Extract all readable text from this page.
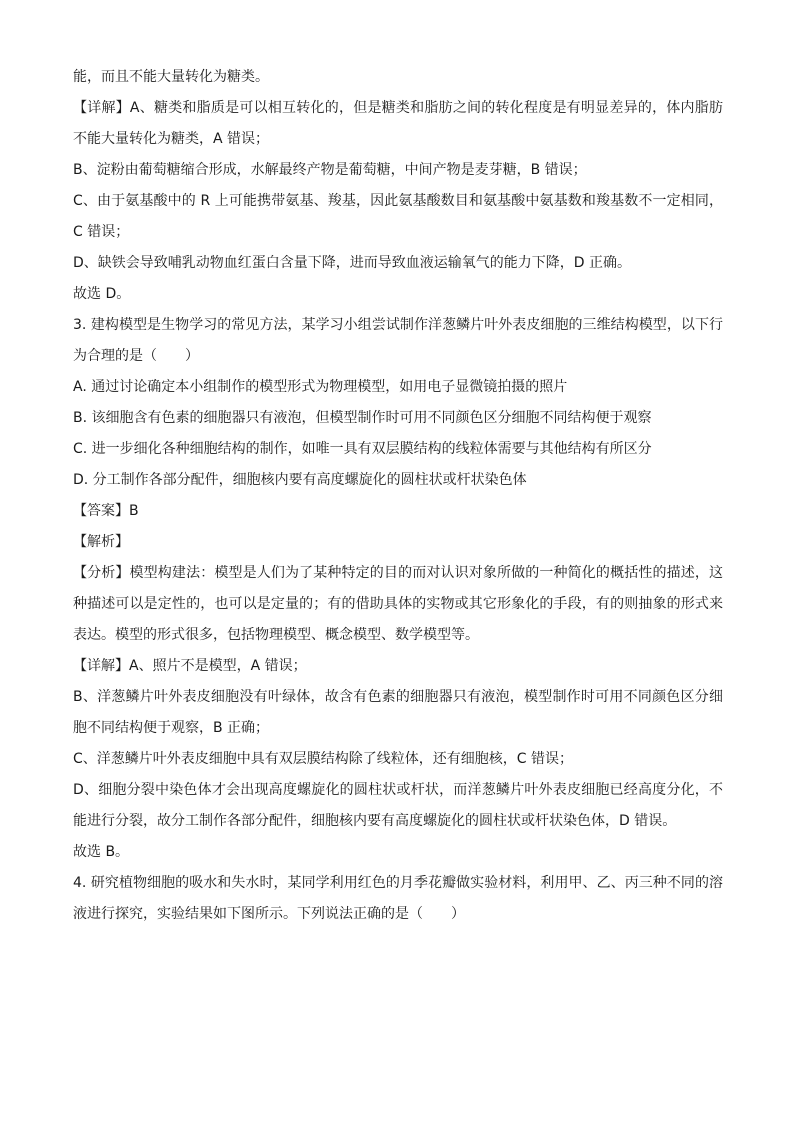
能，而且不能大量转化为糖类。
【详解】A、糖类和脂质是可以相互转化的，但是糖类和脂肪之间的转化程度是有明显差异的，体内脂肪
不能大量转化为糖类，A 错误；
B、淀粉由葡萄糖缩合形成，水解最终产物是葡萄糖，中间产物是麦芽糖，B 错误；
C、由于氨基酸中的 R 上可能携带氨基、羧基，因此氨基酸数目和氨基酸中氨基数和羧基数不一定相同，
C 错误；
D、缺铁会导致哺乳动物血红蛋白含量下降，进而导致血液运输氧气的能力下降，D 正确。
故选 D。
3. 建构模型是生物学习的常见方法，某学习小组尝试制作洋葱鳞片叶外表皮细胞的三维结构模型，以下行
为合理的是（　　）
A. 通过讨论确定本小组制作的模型形式为物理模型，如用电子显微镜拍摄的照片
B. 该细胞含有色素的细胞器只有液泡，但模型制作时可用不同颜色区分细胞不同结构便于观察
C. 进一步细化各种细胞结构的制作，如唯一具有双层膜结构的线粒体需要与其他结构有所区分
D. 分工制作各部分配件，细胞核内要有高度螺旋化的圆柱状或杆状染色体
【答案】B
【解析】
【分析】模型构建法：模型是人们为了某种特定的目的而对认识对象所做的一种简化的概括性的描述，这
种描述可以是定性的，也可以是定量的；有的借助具体的实物或其它形象化的手段，有的则抽象的形式来
表达。模型的形式很多，包括物理模型、概念模型、数学模型等。
【详解】A、照片不是模型，A 错误；
B、洋葱鳞片叶外表皮细胞没有叶绿体，故含有色素的细胞器只有液泡，模型制作时可用不同颜色区分细
胞不同结构便于观察，B 正确；
C、洋葱鳞片叶外表皮细胞中具有双层膜结构除了线粒体，还有细胞核，C 错误；
D、细胞分裂中染色体才会出现高度螺旋化的圆柱状或杆状，而洋葱鳞片叶外表皮细胞已经高度分化，不
能进行分裂，故分工制作各部分配件，细胞核内要有高度螺旋化的圆柱状或杆状染色体，D 错误。
故选 B。
4. 研究植物细胞的吸水和失水时，某同学利用红色的月季花瓣做实验材料，利用甲、乙、丙三种不同的溶
液进行探究，实验结果如下图所示。下列说法正确的是（　　）
